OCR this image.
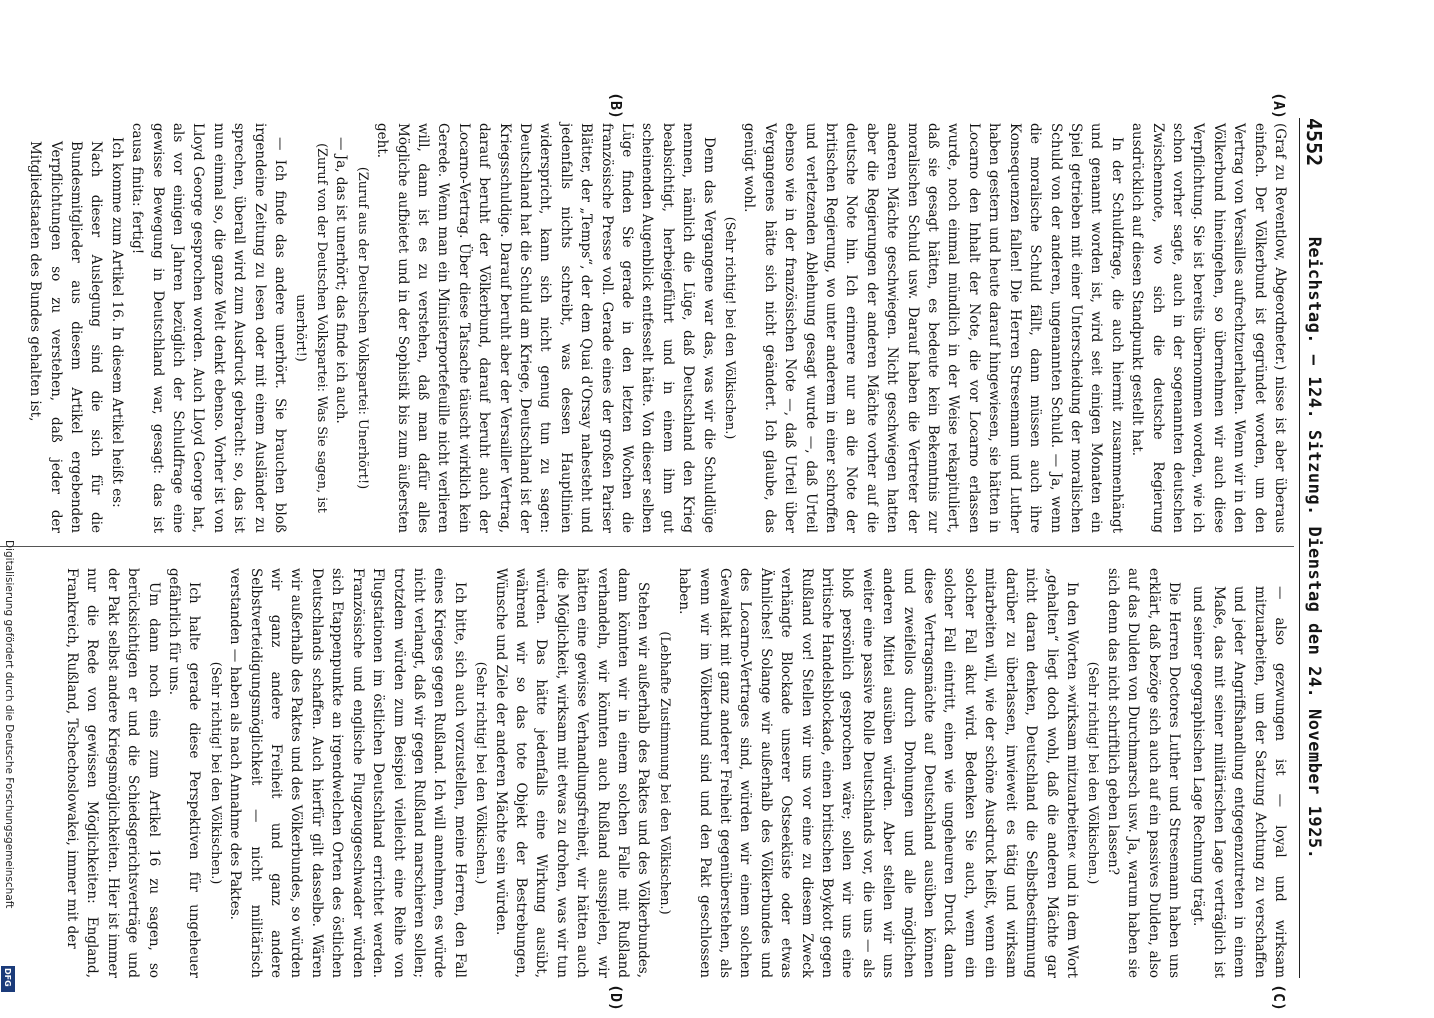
4552
Reichstag. — 124. Sitzung. Dienstag den 24. November 1925.
(A)
(B)
(C)
(D)

(Graf zu Reventlow, Abgeordneter.) nisse ist aber überaus einfach. Der Völkerbund ist gegründet worden, um den Vertrag von Versailles aufrechtzuerhalten. Wenn wir in den Völkerbund hineingehen, so übernehmen wir auch diese Verpflichtung. Sie ist bereits übernommen worden, wie ich schon vorher sagte, auch in der sogenannten deutschen Zwischennote, wo sich die deutsche Regierung ausdrücklich auf diesen Standpunkt gestellt hat.

In der Schuldfrage, die auch hiermit zusammenhängt und genannt worden ist, wird seit einigen Monaten ein Spiel getrieben mit einer Unterscheidung der moralischen Schuld von der anderen, ungenannten Schuld. — Ja, wenn die moralische Schuld fällt, dann müssen auch ihre Konsequenzen fallen! Die Herren Stresemann und Luther haben gestern und heute darauf hingewiesen, sie hätten in Locarno den Inhalt der Note, die vor Locarno erlassen wurde, noch einmal mündlich in der Weise rekapituliert, daß sie gesagt hätten, es bedeute kein Bekenntnis zur moralischen Schuld usw. Darauf haben die Vertreter der anderen Mächte geschwiegen. Nicht geschwiegen hatten aber die Regierungen der anderen Mächte vorher auf die deutsche Note hin. Ich erinnere nur an die Note der britischen Regierung, wo unter anderem in einer schroffen und verletzenden Ablehnung gesagt wurde —, daß Urteil ebenso wie in der französischen Note —, daß Urteil über Vergangenes hätte sich nicht geändert. Ich glaube, das genügt wohl.

(Sehr richtig! bei den Völkischen.)

Denn das Vergangene war das, was wir die Schuldlüge nennen, nämlich die Lüge, daß Deutschland den Krieg beabsichtigt, herbeigeführt und in einem ihm gut scheinenden Augenblick entfesselt hätte. Von dieser selben Lüge finden Sie gerade in den letzten Wochen die französische Presse voll. Gerade eines der großen Pariser Blätter, der „Temps“, der dem Quai d'Orsay nahesteht und jedenfalls nichts schreibt, was dessen Hauptlinien widerspricht, kann sich nicht genug tun zu sagen: Deutschland hat die Schuld am Kriege, Deutschland ist der Kriegsschuldige. Darauf beruht aber der Versailler Vertrag, darauf beruht der Völkerbund, darauf beruht auch der Locarno-Vertrag. Über diese Tatsache täuscht wirklich kein Gerede. Wenn man ein Ministerportefeuille nicht verlieren will, dann ist es zu verstehen, daß man dafür alles Mögliche aufbietet und in der Sophistik bis zum äußersten geht.

(Zuruf aus der Deutschen Volkspartei: Unerhört!)

— Ja, das ist unerhört; das finde ich auch.

(Zuruf von der Deutschen Volkspartei: Was Sie sagen, ist unerhört!)

— Ich finde das andere unerhört. Sie brauchen bloß irgendeine Zeitung zu lesen oder mit einem Ausländer zu sprechen, überall wird zum Ausdruck gebracht: so, das ist nun einmal so, die ganze Welt denkt ebenso. Vorher ist von Lloyd George gesprochen worden. Auch Lloyd George hat, als vor einigen Jahren bezüglich der Schuldfrage eine gewisse Bewegung in Deutschland war, gesagt: das ist causa finita: fertig!

Ich komme zum Artikel 16. In diesem Artikel heißt es:

Nach dieser Auslegung sind die sich für die Bundesmitglieder aus diesem Artikel ergebenden Verpflichtungen so zu verstehen, daß jeder der Mitgliedstaaten des Bundes gehalten ist,

— also gezwungen ist — loyal und wirksam mitzuarbeiten, um der Satzung Achtung zu verschaffen und jeder Angriffshandlung entgegenzutreten in einem Maße, das mit seiner militärischen Lage verträglich ist und seiner geographischen Lage Rechnung trägt.

Die Herren Doctores Luther und Stresemann haben uns erklärt, daß bezöge sich auch auf ein passives Dulden, also auf das Dulden von Durchmarsch usw. Ja, warum haben sie sich denn das nicht schriftlich geben lassen?

(Sehr richtig! bei den Völkischen.)

In den Worten »wirksam mitzuarbeiten« und in dem Wort „gehalten“ liegt doch wohl, daß die anderen Mächte gar nicht daran denken, Deutschland die Selbstbestimmung darüber zu überlassen, inwieweit es tätig und wirksam mitarbeiten will, wie der schöne Ausdruck heißt, wenn ein solcher Fall akut wird. Bedenken Sie auch, wenn ein solcher Fall eintritt, einen wie ungeheuren Druck dann diese Vertragsmächte auf Deutschland ausüben können und zweifellos durch Drohungen und alle möglichen anderen Mittel ausüben würden. Aber stellen wir uns weiter eine passive Rolle Deutschlands vor, die uns — als bloß persönlich gesprochen wäre; sollen wir uns eine britische Handelsblockade, einen britischen Boykott gegen Rußland vor! Stellen wir uns vor eine zu diesem Zweck verhängte Blockade unserer Ostseeküste oder etwas Ähnliches! Solange wir außerhalb des Völkerbundes und des Locarno-Vertrages sind, würden wir einem solchen Gewaltakt mit ganz anderer Freiheit gegenüberstehen, als wenn wir im Völkerbund sind und den Pakt geschlossen haben.

(Lebhafte Zustimmung bei den Völkischen.)

Stehen wir außerhalb des Paktes und des Völkerbundes, dann könnten wir in einem solchen Falle mit Rußland verhandeln, wir könnten auch Rußland ausspielen, wir hätten eine gewisse Verhandlungsfreiheit, wir hätten auch die Möglichkeit, wirksam mit etwas zu drohen, was wir tun würden. Das hätte jedenfalls eine Wirkung ausübt, während wir so das tote Objekt der Bestrebungen, Wünsche und Ziele der anderen Mächte sein würden.

(Sehr richtig! bei den Völkischen.)

Ich bitte, sich auch vorzustellen, meine Herren, den Fall eines Krieges gegen Rußland. Ich will annehmen, es würde nicht verlangt, daß wir gegen Rußland marschieren sollen; trotzdem würden zum Beispiel vielleicht eine Reihe von Flugstationen im östlichen Deutschland errichtet werden. Französische und englische Flugzeuggeschwader würden sich Etappenpunkte an irgendwelchen Orten des östlichen Deutschlands schaffen. Auch hierfür gilt dasselbe. Wären wir außerhalb des Paktes und des Völkerbundes, so würden wir ganz andere Freiheit und ganz andere Selbstverteidigungsmöglichkeit — nicht militärisch verstanden — haben als nach Annahme des Paktes.

(Sehr richtig! bei den Völkischen.)

Ich halte gerade diese Perspektiven für ungeheuer gefährlich für uns.

Um dann noch eins zum Artikel 16 zu sagen, so berücksichtigen er und die Schiedsgerichtsverträge und der Pakt selbst andere Kriegsmöglichkeiten. Hier ist immer nur die Rede von gewissen Möglichkeiten: England, Frankreich, Rußland, Tschechoslowakei, immer mit der

Digitalisierung gefördert durch die Deutsche Forschungsgemeinschaft
DFG
